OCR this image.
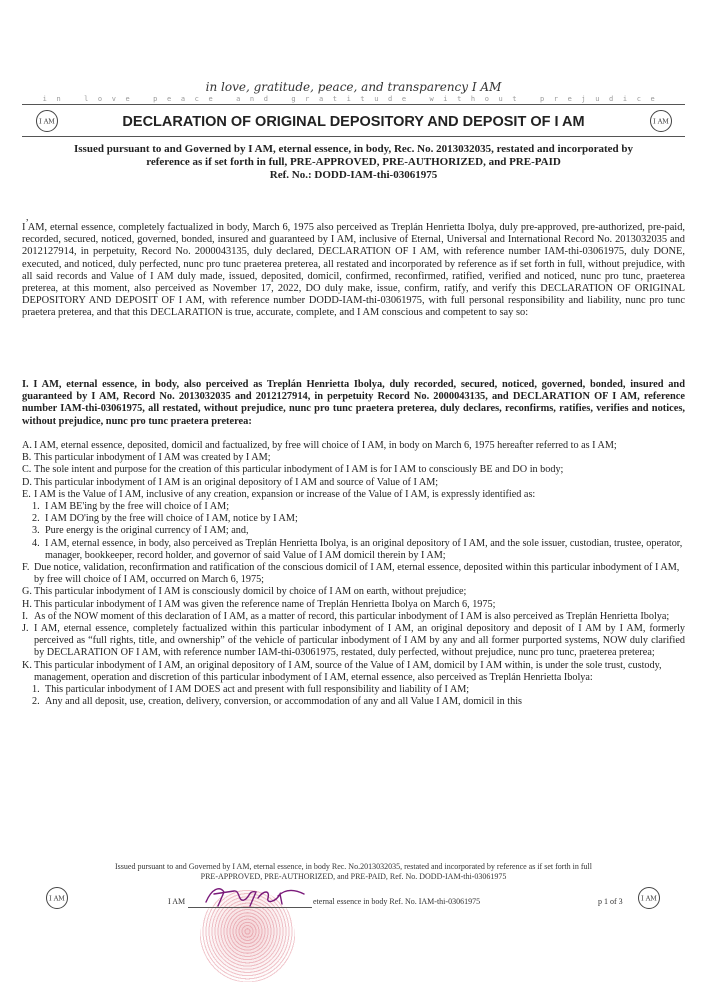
in love, gratitude, peace, and transparency I AM
in love peace and gratitude without prejudice
I AM	DECLARATION OF ORIGINAL DEPOSITORY AND DEPOSIT OF I AM	I AM
Issued pursuant to and Governed by I AM, eternal essence, in body, Rec. No. 2013032035, restated and incorporated by
reference as if set forth in full, PRE-APPROVED, PRE-AUTHORIZED, and PRE-PAID
Ref. No.: DODD-IAM-thi-03061975
,
I AM, eternal essence, completely factualized in body, March 6, 1975 also perceived as Treplán Henrietta Ibolya, duly pre-approved, pre-authorized, pre-paid, recorded, secured, noticed, governed, bonded, insured and guaranteed by I AM, inclusive of Eternal, Universal and International Record No. 2013032035 and 2012127914, in perpetuity, Record No. 2000043135, duly declared, DECLARATION OF I AM, with reference number IAM-thi-03061975, duly DONE, executed, and noticed, duly perfected, nunc pro tunc praeterea preterea, all restated and incorporated by reference as if set forth in full, without prejudice, with all said records and Value of I AM duly made, issued, deposited, domicil, confirmed, reconfirmed, ratified, verified and noticed, nunc pro tunc, praeterea preterea, at this moment, also perceived as November 17, 2022, DO duly make, issue, confirm, ratify, and verify this DECLARATION OF ORIGINAL DEPOSITORY AND DEPOSIT OF I AM, with reference number DODD-IAM-thi-03061975, with full personal responsibility and liability, nunc pro tunc praetera preterea, and that this DECLARATION is true, accurate, complete, and I AM conscious and competent to say so:
I. I AM, eternal essence, in body, also perceived as Treplán Henrietta Ibolya, duly recorded, secured, noticed, governed, bonded, insured and guaranteed by I AM, Record No. 2013032035 and 2012127914, in perpetuity Record No. 2000043135, and DECLARATION OF I AM, reference number IAM-thi-03061975, all restated, without prejudice, nunc pro tunc praetera preterea, duly declares, reconfirms, ratifies, verifies and notices, without prejudice, nunc pro tunc praetera preterea:
A. I AM, eternal essence, deposited, domicil and factualized, by free will choice of I AM, in body on March 6, 1975 hereafter referred to as I AM;
B. This particular inbodyment of I AM was created by I AM;
C. The sole intent and purpose for the creation of this particular inbodyment of I AM is for I AM to consciously BE and DO in body;
D. This particular inbodyment of I AM is an original depository of I AM and source of Value of I AM;
E. I AM is the Value of I AM, inclusive of any creation, expansion or increase of the Value of I AM, is expressly identified as:
1. I AM BE'ing by the free will choice of I AM;
2. I AM DO'ing by the free will choice of I AM, notice by I AM;
3. Pure energy is the original currency of I AM; and,
4. I AM, eternal essence, in body, also perceived as Treplán Henrietta Ibolya, is an original depository of I AM, and the sole issuer, custodian, trustee, operator, manager, bookkeeper, record holder, and governor of said Value of I AM domicil therein by I AM;
F. Due notice, validation, reconfirmation and ratification of the conscious domicil of I AM, eternal essence, deposited within this particular inbodyment of I AM, by free will choice of I AM, occurred on March 6, 1975;
G. This particular inbodyment of I AM is consciously domicil by choice of I AM on earth, without prejudice;
H. This particular inbodyment of I AM was given the reference name of Treplán Henrietta Ibolya on March 6, 1975;
I. As of the NOW moment of this declaration of I AM, as a matter of record, this particular inbodyment of I AM is also perceived as Treplán Henrietta Ibolya;
J. I AM, eternal essence, completely factualized within this particular inbodyment of I AM, an original depository and deposit of I AM by I AM, formerly perceived as “full rights, title, and ownership” of the vehicle of particular inbodyment of I AM by any and all former purported systems, NOW duly clarified by DECLARATION OF I AM, with reference number IAM-thi-03061975, restated, duly perfected, without prejudice, nunc pro tunc, praeterea preterea;
K. This particular inbodyment of I AM, an original depository of I AM, source of the Value of I AM, domicil by I AM within, is under the sole trust, custody, management, operation and discretion of this particular inbodyment of I AM, eternal essence, also perceived as Treplán Henrietta Ibolya:
1. This particular inbodyment of I AM DOES act and present with full responsibility and liability of I AM;
2. Any and all deposit, use, creation, delivery, conversion, or accommodation of any and all Value I AM, domicil in this
Issued pursuant to and Governed by I AM, eternal essence, in body Rec. No.2013032035, restated and incorporated by reference as if set forth in full
PRE-APPROVED, PRE-AUTHORIZED, and PRE-PAID, Ref. No. DODD-IAM-thi-03061975
I AM	I AM	eternal essence in body Ref. No. IAM-thi-03061975	p 1 of 3	I AM
